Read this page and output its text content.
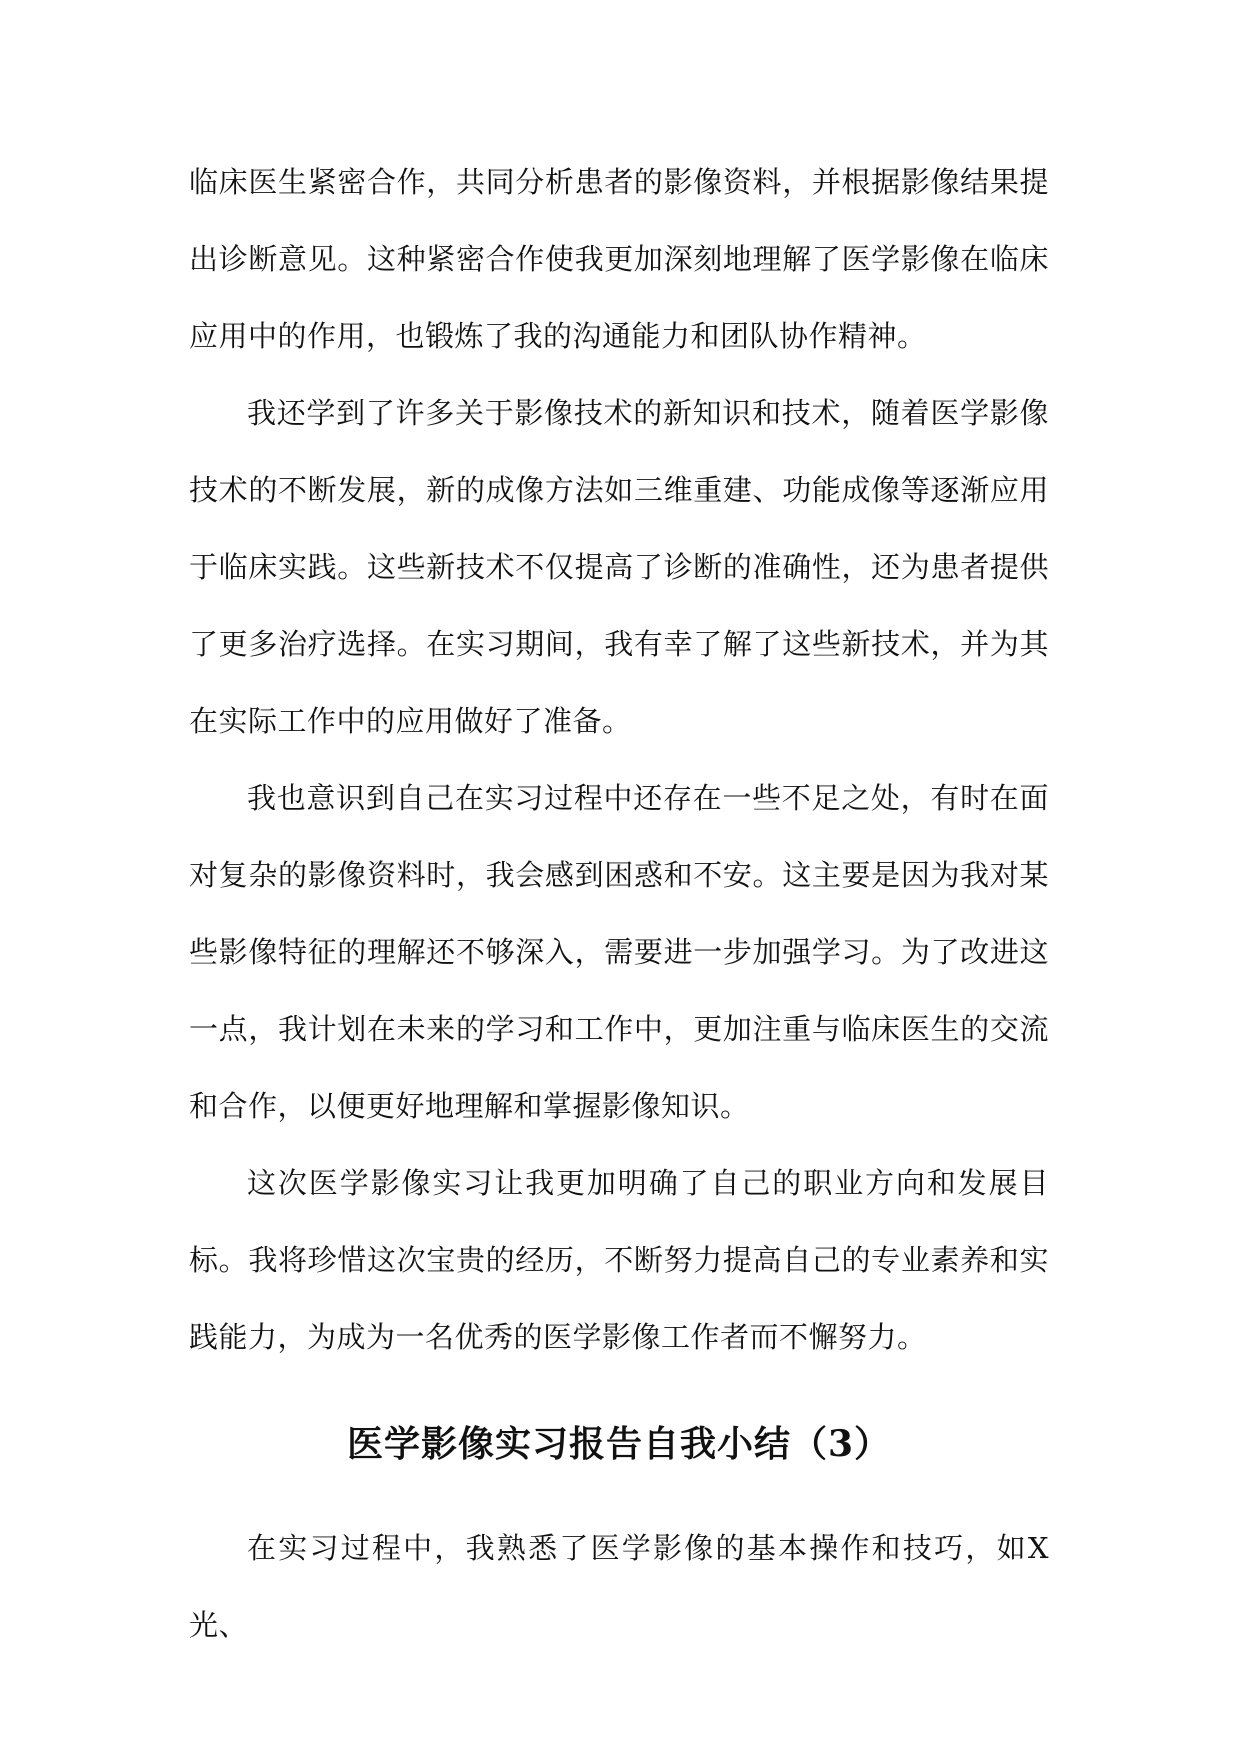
临床医生紧密合作，共同分析患者的影像资料，并根据影像结果提出诊断意见。这种紧密合作使我更加深刻地理解了医学影像在临床应用中的作用，也锻炼了我的沟通能力和团队协作精神。

我还学到了许多关于影像技术的新知识和技术，随着医学影像技术的不断发展，新的成像方法如三维重建、功能成像等逐渐应用于临床实践。这些新技术不仅提高了诊断的准确性，还为患者提供了更多治疗选择。在实习期间，我有幸了解了这些新技术，并为其在实际工作中的应用做好了准备。

我也意识到自己在实习过程中还存在一些不足之处，有时在面对复杂的影像资料时，我会感到困惑和不安。这主要是因为我对某些影像特征的理解还不够深入，需要进一步加强学习。为了改进这一点，我计划在未来的学习和工作中，更加注重与临床医生的交流和合作，以便更好地理解和掌握影像知识。

这次医学影像实习让我更加明确了自己的职业方向和发展目标。我将珍惜这次宝贵的经历，不断努力提高自己的专业素养和实践能力，为成为一名优秀的医学影像工作者而不懈努力。

医学影像实习报告自我小结（3）

在实习过程中，我熟悉了医学影像的基本操作和技巧，如X光、
